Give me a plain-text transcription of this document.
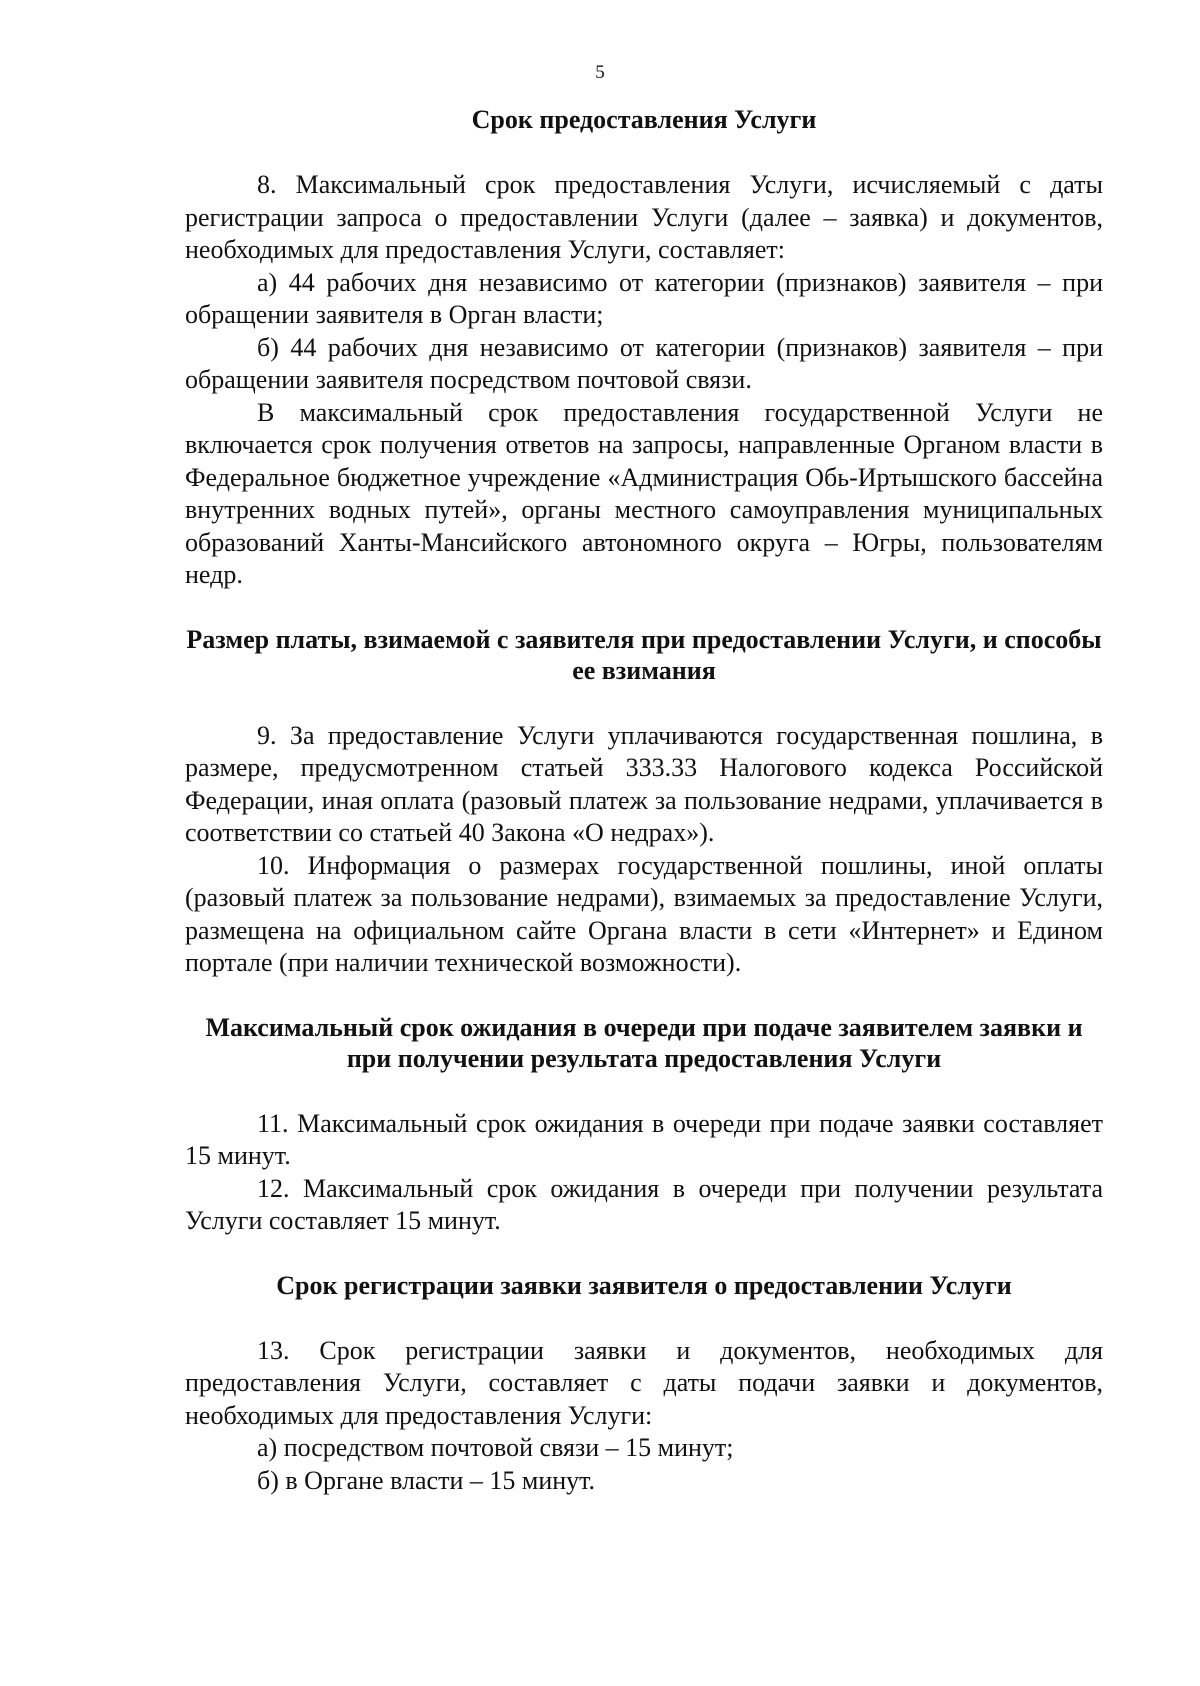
5

Срок предоставления Услуги

8. Максимальный срок предоставления Услуги, исчисляемый с даты регистрации запроса о предоставлении Услуги (далее – заявка) и документов, необходимых для предоставления Услуги, составляет:

а) 44 рабочих дня независимо от категории (признаков) заявителя – при обращении заявителя в Орган власти;

б) 44 рабочих дня независимо от категории (признаков) заявителя – при обращении заявителя посредством почтовой связи.

В максимальный срок предоставления государственной Услуги не включается срок получения ответов на запросы, направленные Органом власти в Федеральное бюджетное учреждение «Администрация Обь-Иртышского бассейна внутренних водных путей», органы местного самоуправления муниципальных образований Ханты-Мансийского автономного округа – Югры, пользователям недр.

Размер платы, взимаемой с заявителя при предоставлении Услуги, и способы ее взимания

9. За предоставление Услуги уплачиваются государственная пошлина, в размере, предусмотренном статьей 333.33 Налогового кодекса Российской Федерации, иная оплата (разовый платеж за пользование недрами, уплачивается в соответствии со статьей 40 Закона «О недрах»).

10. Информация о размерах государственной пошлины, иной оплаты (разовый платеж за пользование недрами), взимаемых за предоставление Услуги, размещена на официальном сайте Органа власти в сети «Интернет» и Едином портале (при наличии технической возможности).

Максимальный срок ожидания в очереди при подаче заявителем заявки и при получении результата предоставления Услуги

11. Максимальный срок ожидания в очереди при подаче заявки составляет 15 минут.

12. Максимальный срок ожидания в очереди при получении результата Услуги составляет 15 минут.

Срок регистрации заявки заявителя о предоставлении Услуги

13. Срок регистрации заявки и документов, необходимых для предоставления Услуги, составляет с даты подачи заявки и документов, необходимых для предоставления Услуги:

а) посредством почтовой связи – 15 минут;

б) в Органе власти – 15 минут.
